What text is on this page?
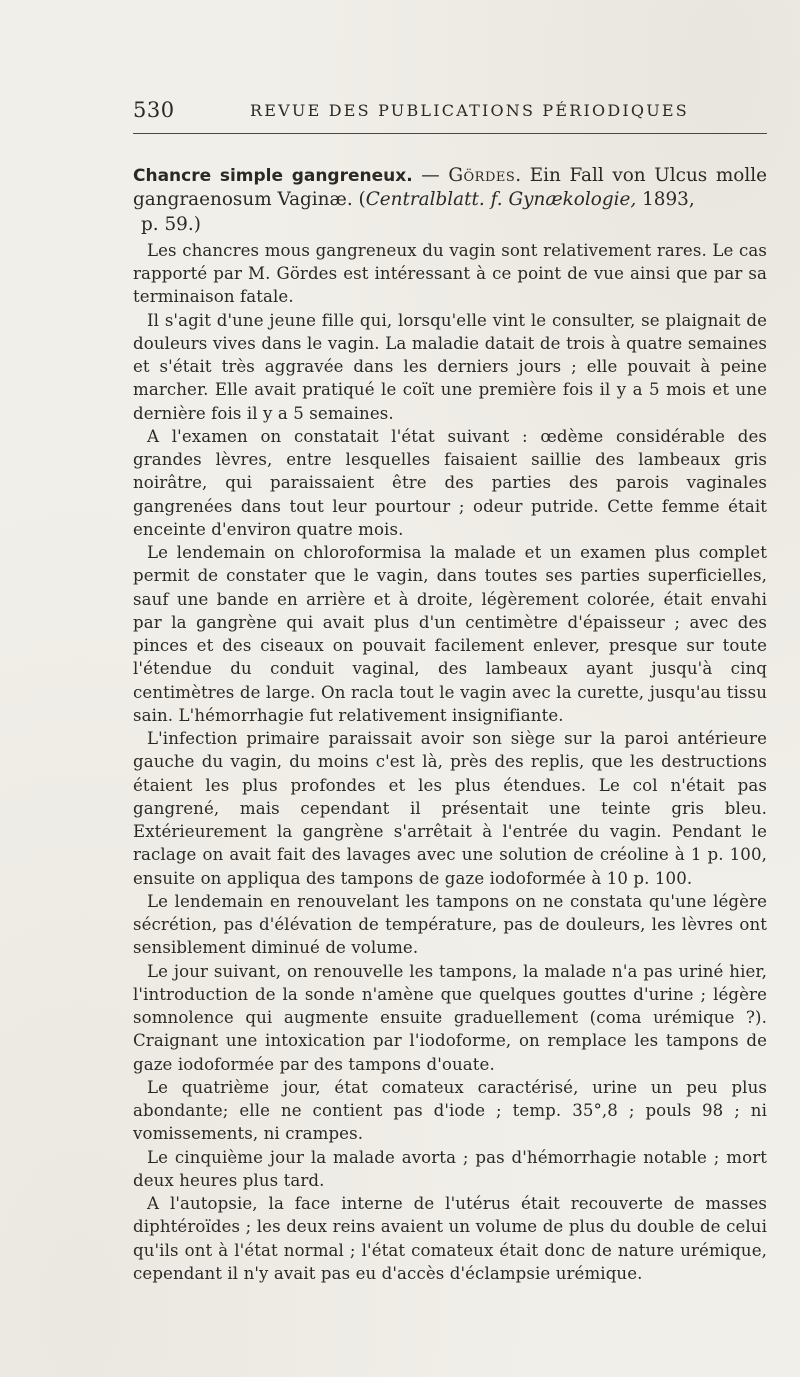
530	REVUE DES PUBLICATIONS PÉRIODIQUES
Chancre simple gangreneux. — Gördes. Ein Fall von Ulcus molle gangraenosum Vaginæ. (Centralblatt. f. Gynækologie, 1893,
p. 59.)

Les chancres mous gangreneux du vagin sont relativement rares. Le cas rapporté par M. Gördes est intéressant à ce point de vue ainsi que par sa terminaison fatale.

Il s'agit d'une jeune fille qui, lorsqu'elle vint le consulter, se plaignait de douleurs vives dans le vagin. La maladie datait de trois à quatre semaines et s'était très aggravée dans les derniers jours ; elle pouvait à peine marcher. Elle avait pratiqué le coït une première fois il y a 5 mois et une dernière fois il y a 5 semaines.

A l'examen on constatait l'état suivant : œdème considérable des grandes lèvres, entre lesquelles faisaient saillie des lambeaux gris noirâtre, qui paraissaient être des parties des parois vaginales gangrenées dans tout leur pourtour ; odeur putride. Cette femme était enceinte d'environ quatre mois.

Le lendemain on chloroformisa la malade et un examen plus complet permit de constater que le vagin, dans toutes ses parties superficielles, sauf une bande en arrière et à droite, légèrement colorée, était envahi par la gangrène qui avait plus d'un centimètre d'épaisseur ; avec des pinces et des ciseaux on pouvait facilement enlever, presque sur toute l'étendue du conduit vaginal, des lambeaux ayant jusqu'à cinq centimètres de large. On racla tout le vagin avec la curette, jusqu'au tissu sain. L'hémorrhagie fut relativement insignifiante.

L'infection primaire paraissait avoir son siège sur la paroi antérieure gauche du vagin, du moins c'est là, près des replis, que les destructions étaient les plus profondes et les plus étendues. Le col n'était pas gangrené, mais cependant il présentait une teinte gris bleu. Extérieurement la gangrène s'arrêtait à l'entrée du vagin. Pendant le raclage on avait fait des lavages avec une solution de créoline à 1 p. 100, ensuite on appliqua des tampons de gaze iodoformée à 10 p. 100.

Le lendemain en renouvelant les tampons on ne constata qu'une légère sécrétion, pas d'élévation de température, pas de douleurs, les lèvres ont sensiblement diminué de volume.

Le jour suivant, on renouvelle les tampons, la malade n'a pas uriné hier, l'introduction de la sonde n'amène que quelques gouttes d'urine ; légère somnolence qui augmente ensuite graduellement (coma urémique ?). Craignant une intoxication par l'iodoforme, on remplace les tampons de gaze iodoformée par des tampons d'ouate.

Le quatrième jour, état comateux caractérisé, urine un peu plus abondante; elle ne contient pas d'iode ; temp. 35°,8 ; pouls 98 ; ni vomissements, ni crampes.

Le cinquième jour la malade avorta ; pas d'hémorrhagie notable ; mort deux heures plus tard.

A l'autopsie, la face interne de l'utérus était recouverte de masses diphtéroïdes ; les deux reins avaient un volume de plus du double de celui qu'ils ont à l'état normal ; l'état comateux était donc de nature urémique, cependant il n'y avait pas eu d'accès d'éclampsie urémique.
